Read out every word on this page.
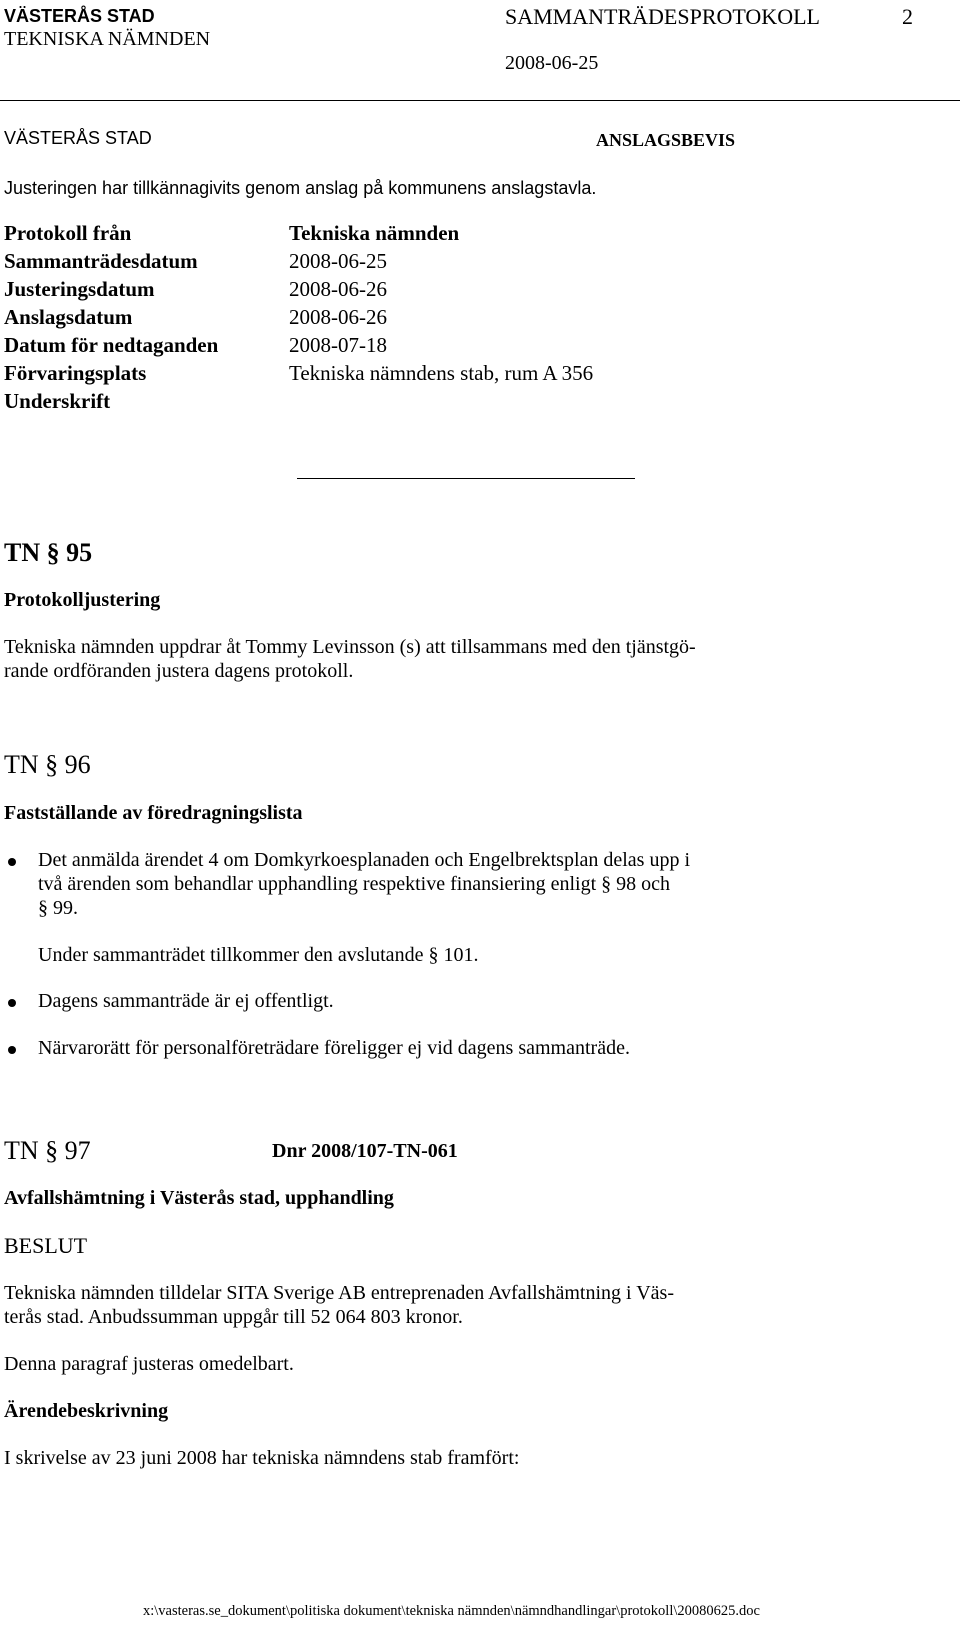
VÄSTERÅS STAD
TEKNISKA NÄMNDEN
SAMMANTRÄDESPROTOKOLL	2
2008-06-25
VÄSTERÅS STAD	ANSLAGSBEVIS
Justeringen har tillkännagivits genom anslag på kommunens anslagstavla.
Protokoll från	Tekniska nämnden
Sammanträdesdatum	2008-06-25
Justeringsdatum	2008-06-26
Anslagsdatum	2008-06-26
Datum för nedtaganden	2008-07-18
Förvaringsplats	Tekniska nämndens stab, rum A 356
Underskrift
TN § 95
Protokolljustering
Tekniska nämnden uppdrar åt Tommy Levinsson (s) att tillsammans med den tjänstgö-
rande ordföranden justera dagens protokoll.
TN § 96
Fastställande av föredragningslista
Det anmälda ärendet 4 om Domkyrkoesplanaden och Engelbrektsplan delas upp i
två ärenden som behandlar upphandling respektive finansiering enligt § 98 och
§ 99.
Under sammanträdet tillkommer den avslutande § 101.
Dagens sammanträde är ej offentligt.
Närvarorätt för personalföreträdare föreligger ej vid dagens sammanträde.
TN § 97	Dnr 2008/107-TN-061
Avfallshämtning i Västerås stad, upphandling
BESLUT
Tekniska nämnden tilldelar SITA Sverige AB entreprenaden Avfallshämtning i Väs-
terås stad. Anbudssumman uppgår till 52 064 803 kronor.
Denna paragraf justeras omedelbart.
Ärendebeskrivning
I skrivelse av 23 juni 2008 har tekniska nämndens stab framfört:
x:\vasteras.se_dokument\politiska dokument\tekniska nämnden\nämndhandlingar\protokoll\20080625.doc
